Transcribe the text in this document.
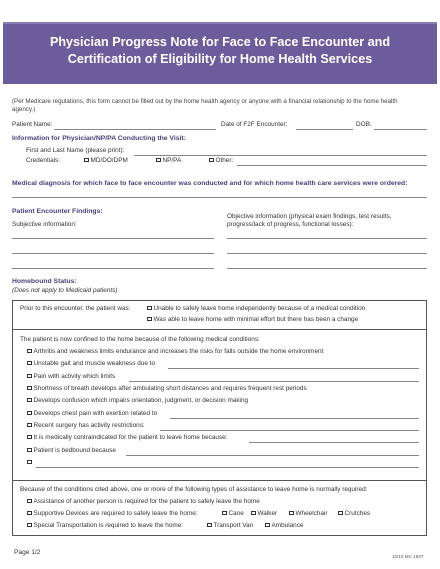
Physician Progress Note for Face to Face Encounter and
Certification of Eligibility for Home Health Services
(Per Medicare regulations, this form cannot be filled out by the home health agency or anyone with a financial relationship to the home health agency.)
Patient Name:	Date of F2F Encounter:	DOB:
Information for Physician/NP/PA Conducting the Visit:
First and Last Name (please print):
Credentials:	MD/DO/DPM	NP/PA	Other:
Medical diagnosis for which face to face encounter was conducted and for which home health care services were ordered:
Patient Encounter Findings:
Subjective information:
Objective information (physical exam findings, test results,
progress/lack of progress, functional losses):
Homebound Status:
(Does not apply to Medicaid patients)
Prior to this encounter, the patient was:	Unable to safely leave home independently because of a medical condition
Was able to leave home with minimal effort but there has been a change
The patient is now confined to the home because of the following medical conditions:
Arthritis and weakness limits endurance and increases the risks for falls outside the home environment
Unstable gait and muscle weakness due to
Pain with activity which limits
Shortness of breath develops after ambulating short distances and requires frequent rest periods
Develops confusion which impairs orientation, judgment, or decision making
Develops chest pain with exertion related to
Recent surgery has activity restrictions:
It is medically contraindicated for the patient to leave home because:
Patient is bedbound because
Because of the conditions cited above, one or more of the following types of assistance to leave home is normally required:
Assistance of another person is required for the patient to safely leave the home
Supportive Devices are required to safely leave the home:	Cane	Walker	Wheelchair	Crutches
Special Transportation is required to leave the home:	Transport Van	Ambulance
Page 1/2
10/15 MC 1537
